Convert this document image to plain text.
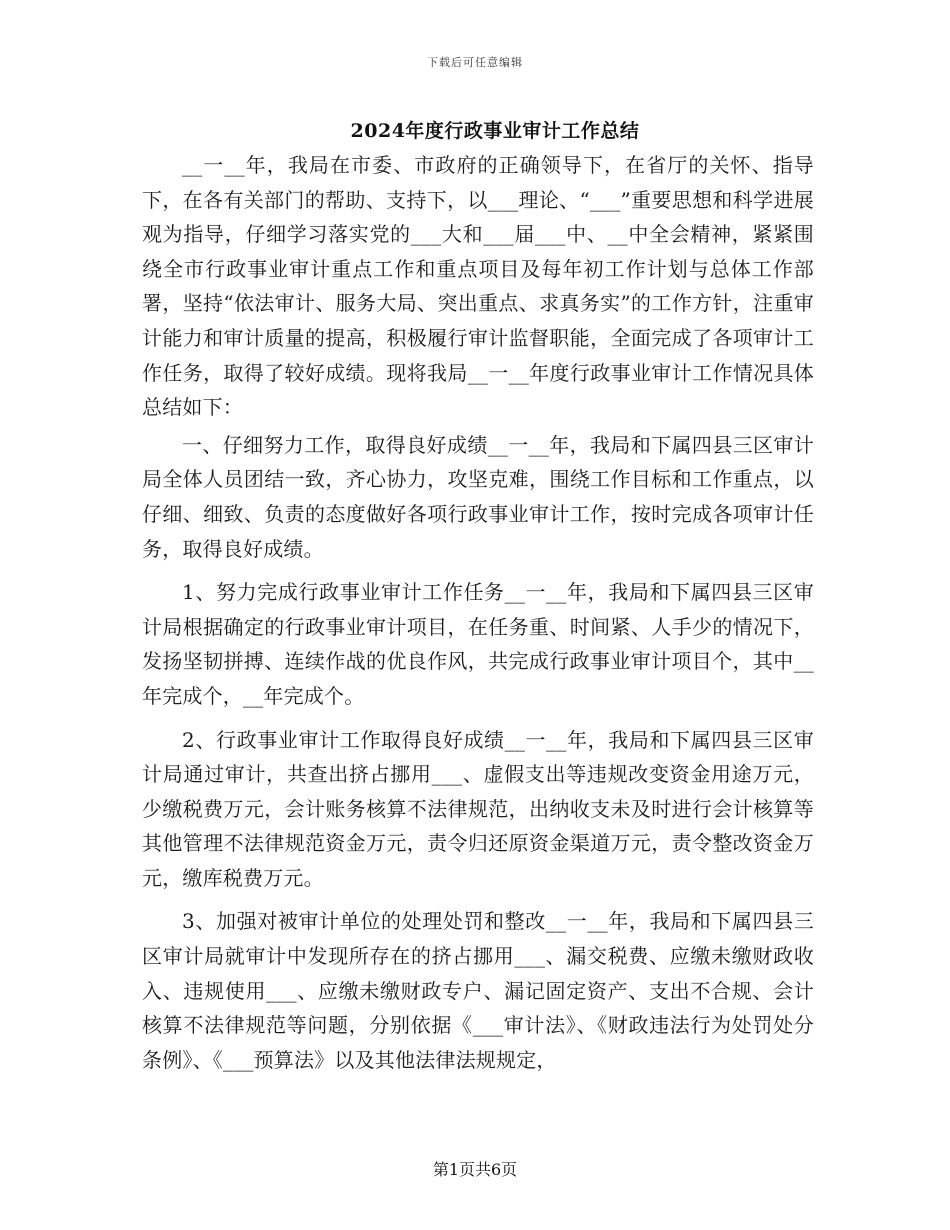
下载后可任意编辑
2024年度行政事业审计工作总结

__一__年，我局在市委、市政府的正确领导下，在省厅的关怀、指导下，在各有关部门的帮助、支持下，以___理论、“___”重要思想和科学进展观为指导，仔细学习落实党的___大和___届___中、__中全会精神，紧紧围绕全市行政事业审计重点工作和重点项目及每年初工作计划与总体工作部署，坚持“依法审计、服务大局、突出重点、求真务实”的工作方针，注重审计能力和审计质量的提高，积极履行审计监督职能，全面完成了各项审计工作任务，取得了较好成绩。现将我局__一__年度行政事业审计工作情况具体总结如下：

一、仔细努力工作，取得良好成绩__一__年，我局和下属四县三区审计局全体人员团结一致，齐心协力，攻坚克难，围绕工作目标和工作重点，以仔细、细致、负责的态度做好各项行政事业审计工作，按时完成各项审计任务，取得良好成绩。

1、努力完成行政事业审计工作任务__一__年，我局和下属四县三区审计局根据确定的行政事业审计项目，在任务重、时间紧、人手少的情况下，发扬坚韧拼搏、连续作战的优良作风，共完成行政事业审计项目个，其中__年完成个，__年完成个。

2、行政事业审计工作取得良好成绩__一__年，我局和下属四县三区审计局通过审计，共查出挤占挪用___、虚假支出等违规改变资金用途万元，少缴税费万元，会计账务核算不法律规范，出纳收支未及时进行会计核算等其他管理不法律规范资金万元，责令归还原资金渠道万元，责令整改资金万元，缴库税费万元。

3、加强对被审计单位的处理处罚和整改__一__年，我局和下属四县三区审计局就审计中发现所存在的挤占挪用___、漏交税费、应缴未缴财政收入、违规使用___、应缴未缴财政专户、漏记固定资产、支出不合规、会计核算不法律规范等问题，分别依据《___审计法》、《财政违法行为处罚处分条例》、《___预算法》以及其他法律法规规定，

第1页共6页
